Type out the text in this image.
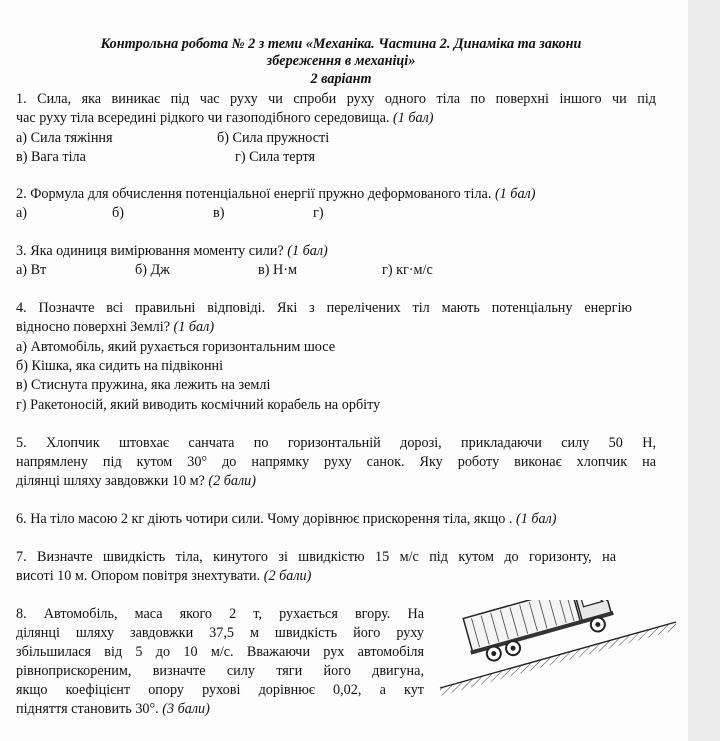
Контрольна робота № 2 з теми «Механіка. Частина 2. Динаміка та закони
збереження в механіці»
2 варіант
1. Сила, яка виникає під час руху чи спроби руху одного тіла по поверхні іншого чи під
час руху тіла всередині рідкого чи газоподібного середовища. (1 бал)
а) Сила тяжіння	б) Сила пружності
в) Вага тіла	г) Сила тертя
2. Формула для обчислення потенціальної енергії пружно деформованого тіла. (1 бал)
а)	б)	в)	г)
3. Яка одиниця вимірювання моменту сили? (1 бал)
а) Вт	б) Дж	в) Н·м	г) кг·м/с
4. Позначте всі правильні відповіді. Які з перелічених тіл мають потенціальну енергію
відносно поверхні Землі? (1 бал)
а) Автомобіль, який рухається горизонтальним шосе
б) Кішка, яка сидить на підвіконні
в) Стиснута пружина, яка лежить на землі
г) Ракетоносій, який виводить космічний корабель на орбіту
5. Хлопчик штовхає санчата по горизонтальній дорозі, прикладаючи силу 50 Н,
напрямлену під кутом 30° до напрямку руху санок. Яку роботу виконає хлопчик на
ділянці шляху завдовжки 10 м? (2 бали)
6. На тіло масою 2 кг діють чотири сили. Чому дорівнює прискорення тіла, якщо . (1 бал)
7. Визначте швидкість тіла, кинутого зі швидкістю 15 м/с під кутом до горизонту, на
висоті 10 м. Опором повітря знехтувати. (2 бали)
8. Автомобіль, маса якого 2 т, рухається вгору. На
ділянці шляху завдовжки 37,5 м швидкість його руху
збільшилася від 5 до 10 м/с. Вважаючи рух автомобіля
рівноприскореним, визначте силу тяги його двигуна,
якщо коефіцієнт опору рухові дорівнює 0,02, а кут
підняття становить 30°. (3 бали)
